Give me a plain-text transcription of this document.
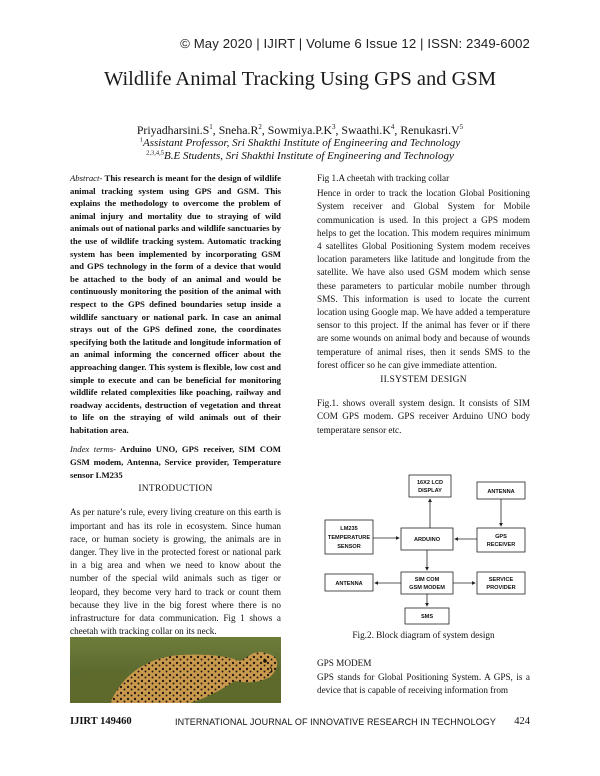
© May 2020 | IJIRT | Volume 6 Issue 12 | ISSN: 2349-6002
Wildlife Animal Tracking Using GPS and GSM
$Priyadharsini.S^1$, $Sneha.R^2$, $Sowmiya.P.K^3$, $Swaathi.K^4$, $Renukasri.V^5$
$^1$Assistant Professor, Sri Shakthi Institute of Engineering and Technology
$^{2,3,4,5}$B.E Students, Sri Shakthi Institute of Engineering and Technology

Abstract- This research is meant for the design of wildlife animal tracking system using GPS and GSM. This explains the methodology to overcome the problem of animal injury and mortality due to straying of wild animals out of national parks and wildlife sanctuaries by the use of wildlife tracking system. Automatic tracking system has been implemented by incorporating GSM and GPS technology in the form of a device that would be attached to the body of an animal and would be continuously monitoring the position of the animal with respect to the GPS defined boundaries setup inside a wildlife sanctuary or national park. In case an animal strays out of the GPS defined zone, the coordinates specifying both the latitude and longitude information of an animal informing the concerned officer about the approaching danger. This system is flexible, low cost and simple to execute and can be beneficial for monitoring wildlife related complexities like poaching, railway and roadway accidents, destruction of vegetation and threat to life on the straying of wild animals out of their habitation area.

Index terms- Arduino UNO, GPS receiver, SIM COM GSM modem, Antenna, Service provider, Temperature sensor LM235

INTRODUCTION

As per nature’s rule, every living creature on this earth is important and has its role in ecosystem. Since human race, or human society is growing, the animals are in danger. They live in the protected forest or national park in a big area and when we need to know about the number of the special wild animals such as tiger or leopard, they become very hard to track or count them because they live in the big forest where there is no infrastructure for data communication. Fig 1 shows a cheetah with tracking collar on its neck.

Fig 1.A cheetah with tracking collar

Hence in order to track the location Global Positioning System receiver and Global System for Mobile communication is used. In this project a GPS modem helps to get the location. This modem requires minimum 4 satellites Global Positioning System modem receives location parameters like latitude and longitude from the satellite. We have also used GSM modem which sense these parameters to particular mobile number through SMS. This information is used to locate the current location using Google map. We have added a temperature sensor to this project. If the animal has fever or if there are some wounds on animal body and because of wounds temperature of animal rises, then it sends SMS to the forest officer so he can give immediate attention.

II.SYSTEM DESIGN

Fig.1. shows overall system design. It consists of SIM COM GPS modem. GPS receiver Arduino UNO body temperatare sensor etc.

16X2 LCD
DISPLAY	ANTENNA
LM235
TEMPERATURE
SENSOR
ARDUINO	GPS
RECEIVER
ANTENNA
SIM COM
GSM MODEM
SERVICE
PROVIDER
SMS
Fig.2. Block diagram of system design
GPS MODEM
GPS stands for Global Positioning System. A GPS, is a device that is capable of receiving information from
IJIRT 149460	INTERNATIONAL JOURNAL OF INNOVATIVE RESEARCH IN TECHNOLOGY 424
